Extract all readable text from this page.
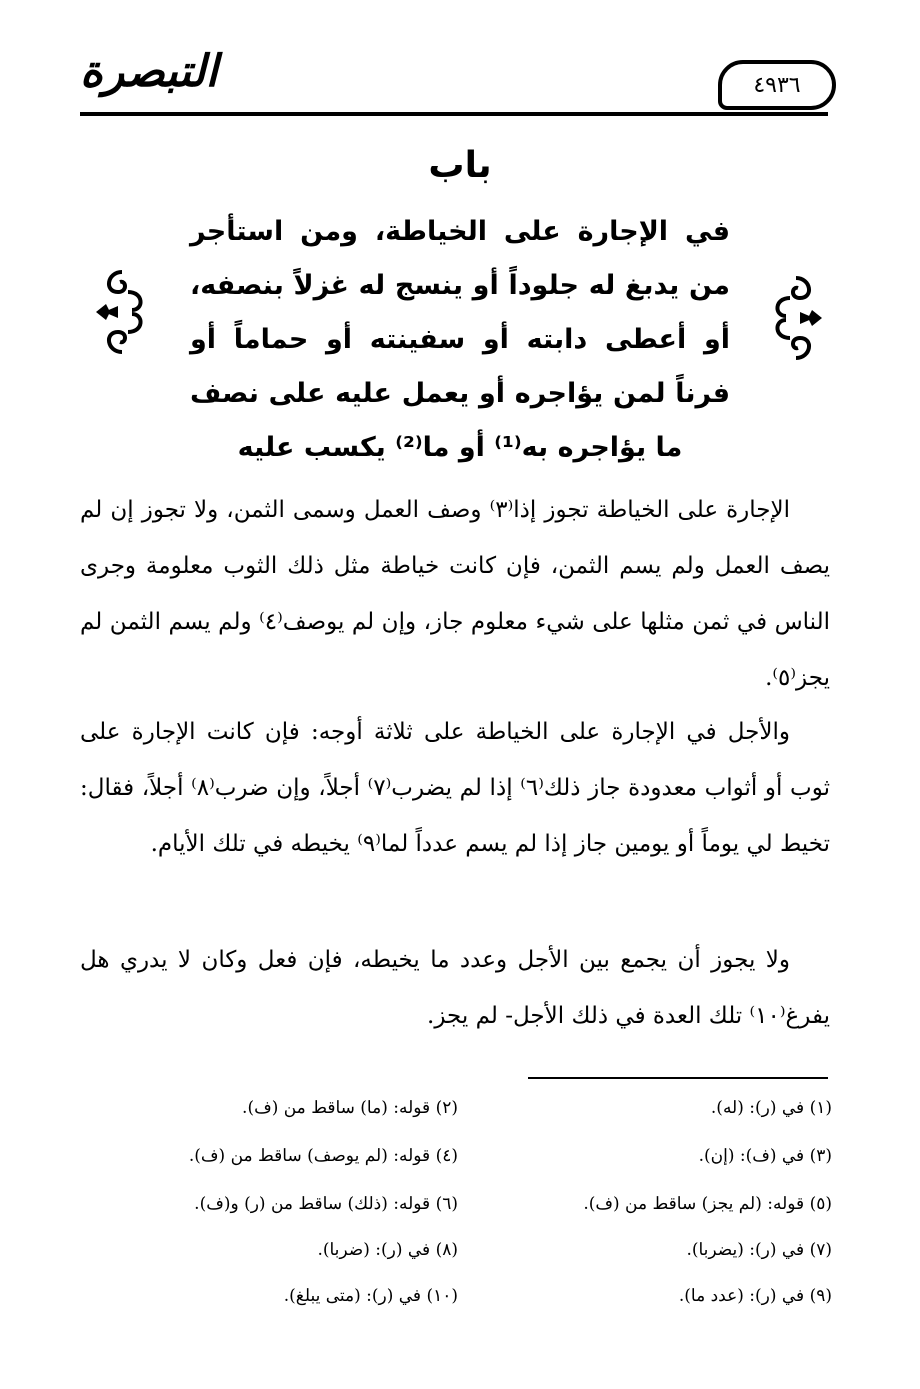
التبصرة	٤٩٣٦
باب
في الإجارة على الخياطة، ومن استأجر من يدبغ له جلوداً أو ينسج له غزلاً بنصفه، أو أعطى دابته أو سفينته أو حماماً أو فرناً لمن يؤاجره أو يعمل عليه على نصف ما يؤاجره به⁽¹⁾ أو ما⁽²⁾ يكسب عليه
الإجارة على الخياطة تجوز إذا⁽٣⁾ وصف العمل وسمى الثمن، ولا تجوز إن لم يصف العمل ولم يسم الثمن، فإن كانت خياطة مثل ذلك الثوب معلومة وجرى الناس في ثمن مثلها على شيء معلوم جاز، وإن لم يوصف⁽٤⁾ ولم يسم الثمن لم يجز⁽٥⁾.
والأجل في الإجارة على الخياطة على ثلاثة أوجه: فإن كانت الإجارة على ثوب أو أثواب معدودة جاز ذلك⁽٦⁾ إذا لم يضرب⁽٧⁾ أجلاً، وإن ضرب⁽٨⁾ أجلاً، فقال: تخيط لي يوماً أو يومين جاز إذا لم يسم عدداً لما⁽٩⁾ يخيطه في تلك الأيام.
ولا يجوز أن يجمع بين الأجل وعدد ما يخيطه، فإن فعل وكان لا يدري هل يفرغ⁽١٠⁾ تلك العدة في ذلك الأجل- لم يجز.
(١) في (ر): (له).
(٢) قوله: (ما) ساقط من (ف).
(٣) في (ف): (إن).
(٤) قوله: (لم يوصف) ساقط من (ف).
(٥) قوله: (لم يجز) ساقط من (ف).
(٦) قوله: (ذلك) ساقط من (ر) و(ف).
(٧) في (ر): (يضربا).
(٨) في (ر): (ضربا).
(٩) في (ر): (عدد ما).
(١٠) في (ر): (متى يبلغ).
